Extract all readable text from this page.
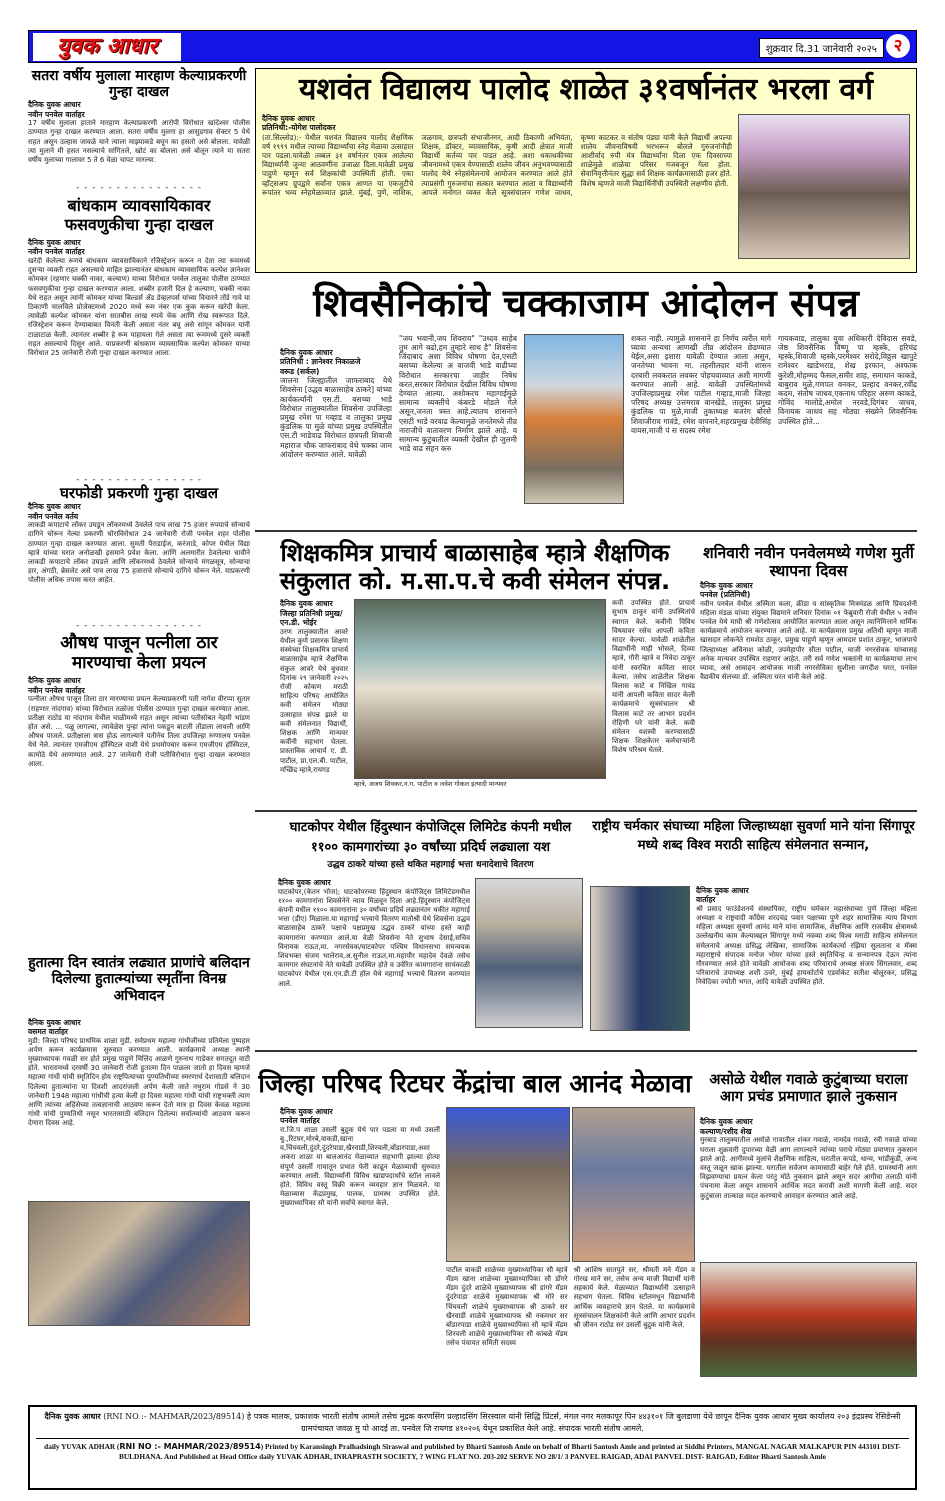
युवक आधार	शुक्रवार दि.31 जानेवारी २०२५ २
सतरा वर्षीय मुलाला मारहाण केल्याप्रकरणी गुन्हा दाखल
दैनिक युवक आधार
नवीन पनवेल वार्ताहर
17 वर्षीय मुलाला हाताने मारहाण केल्याप्रकरणी आरोपी विरोधात खांदेश्वर पोलीस ठाण्यात गुन्हा दाखल करण्यात आला. सतरा वर्षीय मुलगा हा आसुडगाव सेक्टर 5 येथे राहत असून उल्हास जावळे याने त्याला माझ्याकडे बघून का हसतो असे बोलला. यावेळी त्या मुलाने मी हसत नसल्याचे सांगितले, खोटं का बोलला असे बोलून त्याने या सतरा वर्षीय मुलाच्या गालावर 5 ते 6 वेळा चापट मारल्या.
- - - - - - - - - - - - - - - -
बांधकाम व्यावसायिकावर फसवणुकीचा गुन्हा दाखल
दैनिक युवक आधार
नवीन पनवेल वार्ताहर
खरेदी केलेल्या रूमचे बांधकाम व्यावसायिकाने रजिस्ट्रेशन करून न देता त्या रूममध्ये दुसऱ्या व्यक्ती राहत असल्याचे माहित झाल्यानंतर बांधकाम व्यावसायिक कल्पेश ज्ञानेश्वर कोमकर (रहणार चक्की नाका, कल्याण) याच्या विरोधात पनवेल तालुका पोलीस ठाण्यात फसवणुकीचा गुन्हा दाखल करण्यात आला. शब्बीर हजारी दिल हे कल्याण, चक्की नाका येथे राहत असून त्यांनी कोमकर यांच्या बिल्डर्स ॲंड डेव्हलपर्स यांच्या विचारने तोंडे गावे या ठिकाणी चालविले प्रोजेक्टमध्ये 2020 मध्ये रूम नंबर एक कुक करून खरेदी केला. त्यावेळी कल्पेश कोमकर यांना सातबीस लाख रुपये चेक आणि रोख स्वरूपात दिले. रजिस्ट्रेशन करून देण्याबाबत विनंती केली असता नंतर बघू असे सांगून कोमकर यांनी टाळाटाळ केली. त्यानंतर शब्बीर हे रूम पाहायला गेले असता त्या रूममध्ये दुसरे व्यक्ती राहत असल्याचे दिसून आले. याप्रकरणी बांधकाम व्यावसायिक कल्पेश कोमकर याच्या विरोधात 25 जानेवारी रोजी गुन्हा दाखल करण्यात आला.
- - - - - - - - - - - - - - - -
घरफोडी प्रकरणी गुन्हा दाखल
दैनिक युवक आधार
नवीन पनवेल वर्तय
लाकडी कपाटाचे लॉकर उघडून लॉकरमध्ये ठेवलेले पाच लाख 75 हजार रुपयाचे सोन्याचे दागिने चोरून नेल्या प्रकरणी चोराविरोधात 24 जानेवारी रोजी पनवेल शहर पोलीस ठाण्यात गुन्हा दाखल करण्यात आला. सुमती पैराडाईज, करंजाडे, कोपर येथील विद्या म्हात्रे यांच्या घरात अनोळखी इसमाने प्रवेश केला. आणि अलमारीत ठेवलेल्या चावीने लाकडी कपाटाचे लॉकर उघडले आणि लॉकरमध्ये ठेवलेले सोन्याचे मंगळसूत्र, सोन्याचा हार, अंगठी, ब्रेसलेट असे पाच लाख 75 हजाराचे सोन्याचे दागिने चोरून नेले. याप्रकरणी पोलीस अधिक तपास करत आहेत.
- - - - - - - - - - - - - - - -
औषध पाजून पत्नीला ठार मारण्याचा केला प्रयत्न
दैनिक युवक आधार
नवीन पनवेल वार्ताहर
पत्नीला औषध पाजून तिला ठार मारण्याचा प्रयत्न केल्याप्रकरणी पती नागेश वीरप्पा सुतार (राहणार नांदगाव) यांच्या विरोधात तळोजा पोलीस ठाण्यात गुन्हा दाखल करण्यात आला. प्रतीक्षा राठोड या नांदगाव येथील चाळीमध्ये राहत असून त्यांच्या पतीसोबत नेहमी भांडण होत असे. ... पळू लागल्या, त्यावेळेस पुन्हा त्यांना पकडून बाटली तोंडाला लावली आणि औषध पाजले. प्रतीक्षाला त्रास होऊ लागल्याने पतीनेच तिला उपजिल्हा रुग्णालय पनवेल येथे नेले. त्यानंतर एमजीएम हॉस्पिटल वाशी येथे प्रथमोपचार करून एमजीएम हॉस्पिटल, कामोठे येथे आणण्यात आले. 27 जानेवारी रोजी पतीविरोधात गुन्हा दाखल करण्यात आला.
हुतात्मा दिन स्वातंत्र लढ्यात प्राणांचे बलिदान दिलेल्या हुतात्म्यांच्या स्मृतींना विनम्र अभिवादन
दैनिक युवक आधार
वसमत वार्ताहर
मुडी: जिल्हा परिषद प्राथमिक शाळा मुडी. सर्वप्रथम महात्मा गांधीजींच्या प्रतिमेला पुष्पहार अर्पण करून कार्यक्रमास सुरुवात करण्यात आली. कार्यक्रमाचे अध्यक्ष स्थानी मुख्याध्यापक गवळी सर होते प्रमुख पाहुणे मिलिंद आळणे गुरुनाथ गाडेकर सगतदूत वाटी होते. भारतामध्ये दरवर्षी 30 जानेवारी रोजी हुतात्मा दिन पाळला जातो हा दिवस म्हणजे महात्मा गांधी यांची स्मृतिदिन होय राष्ट्रपित्याच्या पुण्यतिथीच्या स्मरणार्थ देशासाठी बलिदान दिलेल्या हुतात्म्यांना या दिवशी आदरांजली अर्पण केली जाते नथुराम गोडसे ने 30 जानेवारी 1948 महात्मा गांधीची हत्या केली हा दिवस महात्मा गांधी यांची राष्ट्रभक्ती त्याग आणि त्यांच्या अहिंसेच्या तत्वज्ञानाची आठवण करून देतो मात्र हा दिवस केवळ महात्मा गांधी यांची पुण्यतिथी नसून भारतासाठी बलिदान दिलेल्या सर्वात्म्यांची आठवण करून देणारा दिवस आहे.
यशवंत विद्यालय पालोद शाळेत ३१वर्षानंतर भरला वर्ग
दैनिक युवक आधार
प्रतिनिधी:-योगेश पालोदकर
(ता.सिल्लोड):- येथील यशवंत विद्यालय पालोद शैक्षणिक वर्ष १९९९ मधील त्याच्या विद्यार्थ्यांचा स्नेह मेळावा उत्साहात पार पडला.यावेळी तब्बल ३१ वर्षानंतर एकत्र आलेल्या विद्यार्थ्यांनी जुन्या आठवणींना उजाळा दिला.यावेळी प्रमुख पाहुणे म्हणून सर्व शिक्षकांची उपस्थिती होती. एका व्हॉट्सअप ग्रुपद्वारे सर्वांना एकत्र आणत या एकजुटीचे रूपांतर भव्य स्नेहमेळाव्यात झाले. मुंबई, पुणे, नाशिक, जळगाव, छत्रपती संभाजीनगर, आदी ठिकाणी अभियंता, शिक्षक, डॉक्टर, व्यावसायिक, कृषी आदी क्षेत्रात माजी विद्यार्थी कर्तव्य पार पाडत आहे. अशा धकाधकीच्या जीवनामध्ये एकत्र येण्यासाठी शालेय जीवन अनुभवण्यासाठी पालोद येथे स्नेहसंमेलनाचे आयोजन करण्यात आले होते त्याप्रसंगी गुरुजनांचा सत्कार करण्यात आला व विद्यार्थ्यांनी आपले मनोगत व्यक्त केले सूत्रसंचालन गणेश जाधव, कृष्णा काटकर व संतोष पंड्या यांनी केले विद्यार्थी अपल्या शालेय जीवनाविषयी भरभरून बोलले गुरुजनांनीही आशीर्वाद रुपी मंत्र विद्यार्थ्यांना दिला एक दिवसाच्या शाळेमुळे शाळेचा परिसर गजबजून गेला होता. सेवानिवृत्तीनंतर सुद्धा सर्व शिक्षक कार्यक्रमासाठी हजर होते. विशेष म्हणजे माजी विद्यार्थिनींची उपस्थिती लक्षणीय होती.
शिवसैनिकांचे चक्काजाम आंदोलन संपन्न
दैनिक युवक आधार
प्रतिनिधी : ज्ञानेश्वर निकाळजे
वरूड (सर्कल)
जालना जिल्ह्यातील जाफराबाद येथे शिवसेना [उद्धव बाळासाहेब ठाकरे] यांच्या कार्यकर्त्यांनी एस.टी. बसच्या भाडे विरोधात तालुक्यातील शिवसेना उपजिल्हा प्रमुख रमेश पा गव्हाड व तालुका प्रमुख कुंडलिक पा मुळे यांच्या प्रमुख उपस्थितीत एस.टी भाडेवाढ विरोधात छत्रपती शिवाजी महाराज चौक जाफराबाद येथे चक्का जाम आंदोलन करण्यात आले. यावेळी
"जय भवानी,जय शिवराय" "उध्दव साहेब तुम आगे बढो,हम तुम्हारे साथ है" शिवसेना जिंदाबाद अशा विविध घोषणा देत,एसटी बसच्या केलेल्या अ वाजवी भाडे वाढीच्या विरोधात सरकारचा जाहीर निषेध करत,सरकार विरोधात देखील विविध घोषणा देण्यात आल्या. अशोकरच महागाईमुळे सामान्य व्यक्तीचे कंबरडे मोडले गेले असून,जनता त्रस्त आहे.त्यातच शासनाने एसटी भाडे वरवाढ केल्यामुळे जनतेमध्ये तीव्र नाराजीचे वातावरण निर्माण झाले आहे. व सामान्य कुटुंबातील व्यक्ती देखील ही जुलमी भाडे वाढ सहन करु
शकत नाही. त्यामुळे शासनाने हा निर्णय त्वरीत मागे घ्यावा अन्यथा आणखी तीव्र आंदोलन छेडण्यात येईल,असा इशारा यावेळी देण्यात आला असुन, जनतेच्या भावना मा. तहसीलदार यांनी शासन दरबारी लवकरात लवकर पोहचवाव्यात अशी मागणी करण्यात आली आहे. यावेळी उपस्थितांमध्ये उपजिल्हाप्रमुख रमेश पाटील गव्हाड,माजी जिल्हा परिषद अध्यक्ष उत्तमराव वानखेडे, तालुका प्रमुख कुंडलिक पा मुळे,माजी तुकाध्यक्ष बजरंग बोरसे शिवाजीराव गावंडे, रमेश वापनारे,शहरप्रमुख देवीसिंह वायस,माजी पं स सदस्य रमेश
गायकवाड, तालुका युवा अधिकारी देविदास सवडे, जेष्ठ शिवसैनिक विष्णू पा म्हस्के, हरिचंद्र म्हस्के,शिवाजी म्हस्के,परमेश्वर सरोदे,विठ्ठल खापुटे रामेश्वर खाडेभराड, शेख इरफान, अश्फाक कुरेशी,मोहम्मद फैसल,समीर शाह, समाधान काकडे, बाबुराव मुळे,गणपत वनकर, प्रल्हाद वनकर,रवींद्र कदम, संतोष जाधव,एकनाथ परिहार अरुण काकडे, गोविंद मालोडे,अमोल नरवडे,दिगंबर जाधव, विनायक जाधव सह मोठ्या संख्येने शिवसैनिक उपस्थित होते...
शिक्षकमित्र प्राचार्य बाळासाहेब म्हात्रे शैक्षणिक संकुलात को. म.सा.प.चे कवी संमेलन संपन्न.
दैनिक युवक आधार
जिल्हा प्रतिनिधी प्रमुख/एन.डी. भोईर
उरण तालुक्यातील आवरे येथील कुणे प्रसारक शिक्षण संस्थेच्या शिक्षकमित्र प्राचार्य बाळासाहेब म्हात्रे शैक्षणिक संकुल आवरे येथे बुधवार दिनांक २९ जानेवारी २०२५ रोजी कोकण मराठी साहित्य परिषद आयोजित कवी संमेलन मोठ्या उत्साहात संपन्न झाले या कवी संमेलनात विद्यार्थी, शिक्षक आणि मान्यवर कवींनी सहभाग घेतला. प्रास्ताविक आचार्य ए. डी. पाटील, प्रा.एल.बी. पाटील, मच्छिंद्र म्हात्रे,रायगड
म्हात्रे, अजय शिवकर,न.ग. पाटील व लवेश गोकल इत्यादी मान्यवर
कवी उपस्थित होते. प्राचार्य सुभाष ठाकूर यांनी उपस्थितांचे स्वागत केले. कवीनी विविध विषयावर रसेच आपली कविता सादर केल्या. यावेळी शाळेतील विद्यार्थीनी माही भोसले, दिव्या म्हात्रे, गौरी म्हात्रे व निवेदा ठाकूर यांनी स्वरचित कविता सादर केल्या. तसेच शाळेतील शिक्षक विलास काटे व निखिल गावंड यांनी आपली कविता सादर केली कार्यक्रमाचे सूत्रसंचालन श्री विलास काटे तर आभार प्रदर्शन रोहिणी घरे यांनी केले. कवी संमेलन यशस्वी करण्यासाठी शिक्षक शिक्षकेतर कर्मचाऱ्यांनी विशेष परिश्रम घेतले.
शनिवारी नवीन पनवेलमध्ये गणेश मुर्ती स्थापना दिवस
दैनिक युवक आधार
पनवेल (प्रतिनिधी)
नवीन पनवेल येथील अस्मिता कला, क्रीडा व सांस्कृतिक मित्रमंडळ आणि प्रियदर्शनी महिला मंडळ यांच्या संयुक्त विद्यमाने शनिवार दिनांक ०१ फेब्रुवारी रोजी येथील ५ नवीन पनवेल येथे माघी श्री गणेशोत्सव आयोजित करण्यात आला असून त्यानिमित्ताने धार्मिक कार्यक्रमाचे आयोजन करण्यात आले आहे. या कार्यक्रमास प्रमुख अतिथी म्हणून माजी खासदार लोकनेते रामशेठ ठाकूर, प्रमुख पाहुणे म्हणून आमदार प्रशांत ठाकूर, भाजपाचे जिल्हाध्यक्ष अविनाश कोळी, उपमेहापौर सीता पाटील, माजी नगरसेवक यांच्यासह अनेक मान्यवर उपस्थित राहणार आहेत. तरी सर्व गणेश भक्तांनी या कार्यक्रमाचा लाभ घ्यावा, असे आवाहन आयोजक माजी नगरसेविका सुशीला जगदीश घरत, पनवेल वैद्यकीय सेलच्या डॉ. अस्मिता घरत यांनी केले आहे.
घाटकोपर येथील हिंदुस्थान कंपोजिट्स लिमिटेड कंपनी मधील ११०० कामगारांच्या ३० वर्षांच्या प्रदिर्घ लढ्याला यश
उद्धव ठाकरे यांच्या हस्ते थकित महागाई भत्ता धनादेशाचे वितरण
दैनिक युवक आधार
घाटकोपर,(केतन भोज); घाटकोपरच्या हिंदुस्थान कंपोजिट्स लिमिटेडमधील ११०० कामगारांना शिवसेनेने न्याय मिळवून दिला आहे.हिंदुस्थान कंपोजिट्स कंपनी मधील ११०० कामगारांना ३० वर्षांच्या प्रदिर्घ लढ्यानंतर थकीत महागाई भत्ता (डीए) मिळाला.या महागाई भत्त्याचे वितरण मातोश्री येथे शिवसेना उद्धव बाळासाहेब ठाकरे पक्षाचे पक्षप्रमुख उद्धव ठाकरे यांच्या हस्ते काही कामगारांना करण्यात आले.या वेळी शिवसेना नेते सुभाष देसाई,सचिव विनायक राऊत,मा. नगरसेवक/घाटकोपर पश्चिम विधानसभा समन्वयक शिवभक्त संजय भालेराव,अ.सुनील राऊत,मा.महापौर महादेव देवळे तसेच कामगार संघटनांचे नेते यावेळी उपस्थित होते व उर्वरित कामगारांना सायंकाळी घाटकोपर येथील एस.एन.डी.टी हॉल येथे महागाई भत्त्याचे वितरण करण्यात आले.
राष्ट्रीय चर्मकार संघाच्या महिला जिल्हाध्यक्षा सुवर्णा माने यांना सिंगापूर मध्ये शब्द विश्व मराठी साहित्य संमेलनात सन्मान,
दैनिक युवक आधार
वार्ताहर
श्री प्रसाद फाउंडेशनचे संस्थापिका, राष्ट्रीय चर्मकार महासंघाच्या पुणे जिल्हा महिला अध्यक्षा व राष्ट्रवादी काँग्रेस शरदचंद्र पवार पक्षाच्या पुणे शहर सामाजिक न्याय विभाग महिला अध्यक्षा सुवर्णा आनंद माने यांना सामाजिक, शैक्षणिक आणि राजकीय क्षेत्रामध्ये उल्लेखनीय काम केल्याबद्दल सिंगापूर मध्ये नवव्या शब्द विश्व मराठी साहित्य संमेलनात संमेलनाचे अध्यक्ष प्रसिद्ध लेखिका, सामाजिक कार्यकर्त्या रझिया सुलताना व मॅक्स महाराष्ट्राचे संपादक मनोज भोयर यांच्या हस्ते स्मृतिचिन्ह व सन्मानपत्र देऊन त्यांना गौरवण्यात आले होते यावेळी आयोजक शब्द परिवाराचे अध्यक्ष संजय सिंगलवार, शब्द परिवाराचे उपाध्यक्ष शशी ठवरे, मुंबई हायकोर्टाचे एडवोकेट सतीश बोलूरकर, प्रसिद्ध निवेदिका ज्योती भगत, आदि यावेळी उपस्थित होते.
जिल्हा परिषद रिटघर केंद्रांचा बाल आनंद मेळावा
दैनिक युवक आधार
पनवेल वार्ताहर
रा.जि.प शाळा उसर्ली बुद्रुक येथे पार पडला या मध्ये उसर्ली बु.,रिटघर,मोरबे,वाकडी,खाना व,चिंचवली,दुंदरे,दुंदरेपाडा,खैरवाडी,शिरवली,बोंडारपाडा,अशा अकरा शाळा या बालआनंद मेळाव्यात सहभागी झाल्या होत्या संपूर्ण उसर्ली गावातून प्रभात फेरी काढून मेळाव्याची सुरुवात करण्यात आली. विद्यार्थ्यांनी विविध खाद्यपदार्थांचे स्टॉल लावले होते. विविध वस्तू विक्री करून व्यवहार ज्ञान मिळवले. या मेळाव्यास केंद्रप्रमुख, पालक, ग्रामस्थ उपस्थित होते. मुख्याध्यापिका सौ यांनी सर्वांचे स्वागत केले.
पाटील वाकडी शाळेच्या मुख्याध्यापिका सौ म्हात्रे मॅडम खाना शाळेच्या मुख्याध्यापिका सौ डोंगरे मॅडम दुंदरे शाळेचे मुख्याध्यापक श्री डांगरे मॅडम दुंदरेपाडा शाळेचे मुख्याध्यापक श्री मोरे सर चिंचवली शाळेचे मुख्याध्यापक श्री ठाकरे सर खैरवाडी शाळेचे मुख्याध्यापक श्री नकमधर सर बोंडारपाडा शाळेचे मुख्याध्यापिका सौ म्हात्रे मॅडम शिरवली शाळेचे मुख्याध्यापिका सौ कांबळे मॅडम तसेच पंचायत समिती सदस्य
श्री आशिष सातपुते सर, श्रीमती मने मॅडम व गोरख माने सर, तसेच अन्य माजी विद्यार्थी यांनी सहकार्य केले. मेळाव्यात विद्यार्थ्यांनी उत्साहाने सहभाग घेतला. विविध स्टॉलमधून विद्यार्थ्यांनी आर्थिक व्यवहाराचे ज्ञान घेतले. या कार्यक्रमाचे सूत्रसंचालन शिक्षकांनी केले आणि आभार प्रदर्शन श्री जीवन राठोड सर उसर्ली बुद्रुक यांनी केले.
असोळे येथील गवाळे कुटुंबाच्या घराला आग प्रचंड प्रमाणात झाले नुकसान
दैनिक युवक आधार
कल्याण/रशीद शेख
मुरबाड तालुक्यातील असोळे गावातील शंकर गवाळे, नामदेव गवाळे, रवी गवाळे यांच्या घराला शुक्रवारी दुपारच्या वेळी आग लागल्याने त्यांच्या घराचे मोठ्या प्रमाणात नुकसान झाले आहे. आगीमध्ये मुलांचे शैक्षणिक साहित्य, घरातील कपडे, धान्य, भांडीकुंडी, अन्य वस्तू जळून खाक झाल्या. घरातील सर्वजण कामासाठी बाहेर गेले होते. ग्रामस्थांनी आग विझवण्याचा प्रयत्न केला परंतु मोठे नुकसान झाले असून सदर आगीचा तलाठी यांनी पंचनामा केला असून शासनाने आर्थिक मदत करावी अशी मागणी केली आहे. सदर कुटुंबाला तात्काळ मदत करण्याचे आवाहन करण्यात आले आहे.
दैनिक युवक आधार (RNI NO :- MAHMAR/2023/89514) हे पत्रक मालक, प्रकाशक भारती संतोष आमले तसेच मुद्रक करणसिंग प्रल्हादसिंग सिरस्वाल यांनी सिद्धि प्रिंटर्स, मंगल नगर मलकापूर पिन ४४३१०१ जि बुलडाणा येथे छापून दैनिक युवक आधार मुख्य कार्यालय २०३ इंद्रप्रस्थ रेसिडेन्सी ग्रामपंचायत जवळ मु पो आदई ता. पनवेल जि रायगड ४१०२०६ येथून प्रकाशित केले आहे. संपादक भारती संतोष आमले.
daily YUVAK ADHAR (RNI NO :- MAHMAR/2023/89514) Printed by Karansingh Pralhadsingh Siraswal and published by Bharti Santosh Amle on behalf of Bharti Santosh Amle and printed at Siddhi Printers, MANGAL NAGAR MALKAPUR PIN 443101 DIST- BULDHANA. And Published at Head Office daily YUVAK ADHAR, INRAPRASTH SOCIETY, ? WING FLAT NO. 203-202 SERVE NO 28/1/ 3 PANVEL RAIGAD, ADAI PANVEL DIST- RAIGAD, Editor Bharti Santosh Amle
